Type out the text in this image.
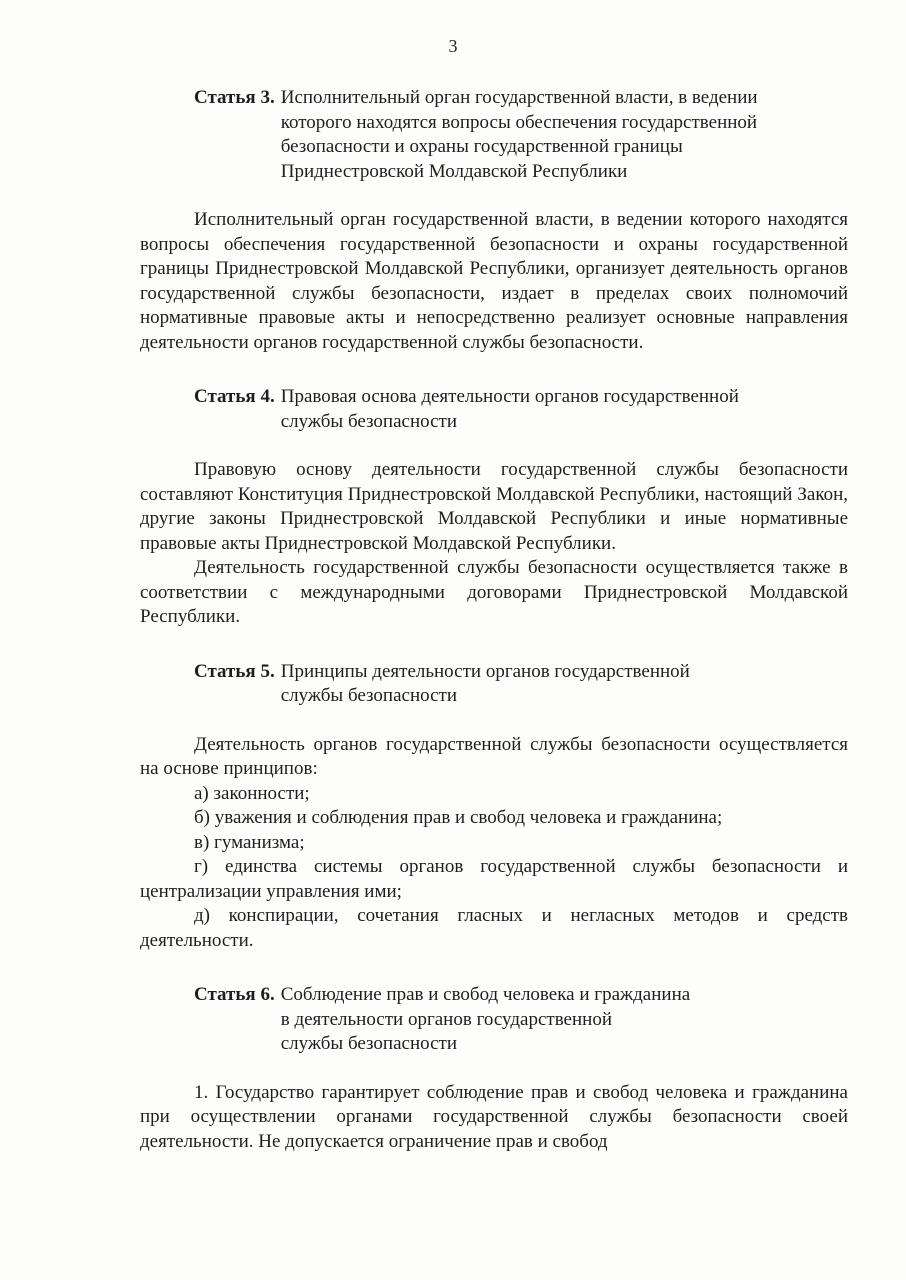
3
Статья 3. Исполнительный орган государственной власти, в ведении
которого находятся вопросы обеспечения государственной
безопасности и охраны государственной границы
Приднестровской Молдавской Республики

Исполнительный орган государственной власти, в ведении которого находятся вопросы обеспечения государственной безопасности и охраны государственной границы Приднестровской Молдавской Республики, организует деятельность органов государственной службы безопасности, издает в пределах своих полномочий нормативные правовые акты и непосредственно реализует основные направления деятельности органов государственной службы безопасности.

Статья 4. Правовая основа деятельности органов государственной
службы безопасности

Правовую основу деятельности государственной службы безопасности составляют Конституция Приднестровской Молдавской Республики, настоящий Закон, другие законы Приднестровской Молдавской Республики и иные нормативные правовые акты Приднестровской Молдавской Республики.

Деятельность государственной службы безопасности осуществляется также в соответствии с международными договорами Приднестровской Молдавской Республики.

Статья 5. Принципы деятельности органов государственной
службы безопасности

Деятельность органов государственной службы безопасности осуществляется на основе принципов:

а) законности;

б) уважения и соблюдения прав и свобод человека и гражданина;

в) гуманизма;

г) единства системы органов государственной службы безопасности и централизации управления ими;

д) конспирации, сочетания гласных и негласных методов и средств деятельности.

Статья 6. Соблюдение прав и свобод человека и гражданина
в деятельности органов государственной
службы безопасности

1. Государство гарантирует соблюдение прав и свобод человека и гражданина при осуществлении органами государственной службы безопасности своей деятельности. Не допускается ограничение прав и свобод
